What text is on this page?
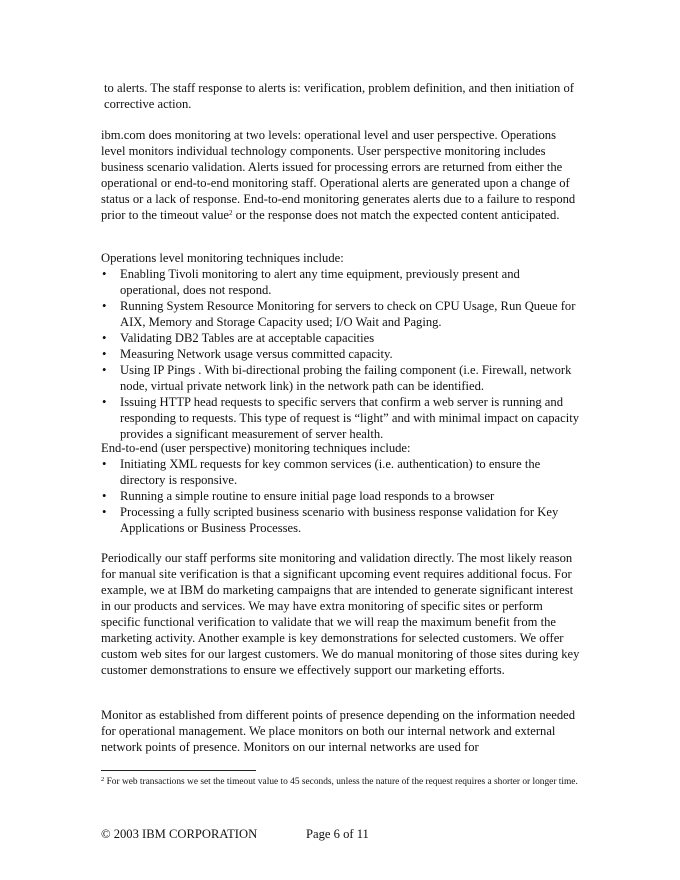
to alerts. The staff response to alerts is: verification, problem definition, and then initiation of corrective action.

ibm.com does monitoring at two levels: operational level and user perspective. Operations level monitors individual technology components. User perspective monitoring includes business scenario validation. Alerts issued for processing errors are returned from either the operational or end-to-end monitoring staff. Operational alerts are generated upon a change of status or a lack of response. End-to-end monitoring generates alerts due to a failure to respond prior to the timeout value$^2$ or the response does not match the expected content anticipated.

Operations level monitoring techniques include:

• Enabling Tivoli monitoring to alert any time equipment, previously present and operational, does not respond.
• Running System Resource Monitoring for servers to check on CPU Usage, Run Queue for AIX, Memory and Storage Capacity used; I/O Wait and Paging.
• Validating DB2 Tables are at acceptable capacities
• Measuring Network usage versus committed capacity.
• Using IP Pings . With bi-directional probing the failing component (i.e. Firewall, network node, virtual private network link) in the network path can be identified.
• Issuing HTTP head requests to specific servers that confirm a web server is running and responding to requests. This type of request is “light” and with minimal impact on capacity provides a significant measurement of server health.

End-to-end (user perspective) monitoring techniques include:

• Initiating XML requests for key common services (i.e. authentication) to ensure the directory is responsive.
• Running a simple routine to ensure initial page load responds to a browser
• Processing a fully scripted business scenario with business response validation for Key Applications or Business Processes.

Periodically our staff performs site monitoring and validation directly. The most likely reason for manual site verification is that a significant upcoming event requires additional focus. For example, we at IBM do marketing campaigns that are intended to generate significant interest in our products and services. We may have extra monitoring of specific sites or perform specific functional verification to validate that we will reap the maximum benefit from the marketing activity. Another example is key demonstrations for selected customers. We offer custom web sites for our largest customers. We do manual monitoring of those sites during key customer demonstrations to ensure we effectively support our marketing efforts.

Monitor as established from different points of presence depending on the information needed for operational management. We place monitors on both our internal network and external network points of presence. Monitors on our internal networks are used for

$^2$ For web transactions we set the timeout value to 45 seconds, unless the nature of the request requires a shorter or longer time.

© 2003 IBM CORPORATION	Page 6 of 11
